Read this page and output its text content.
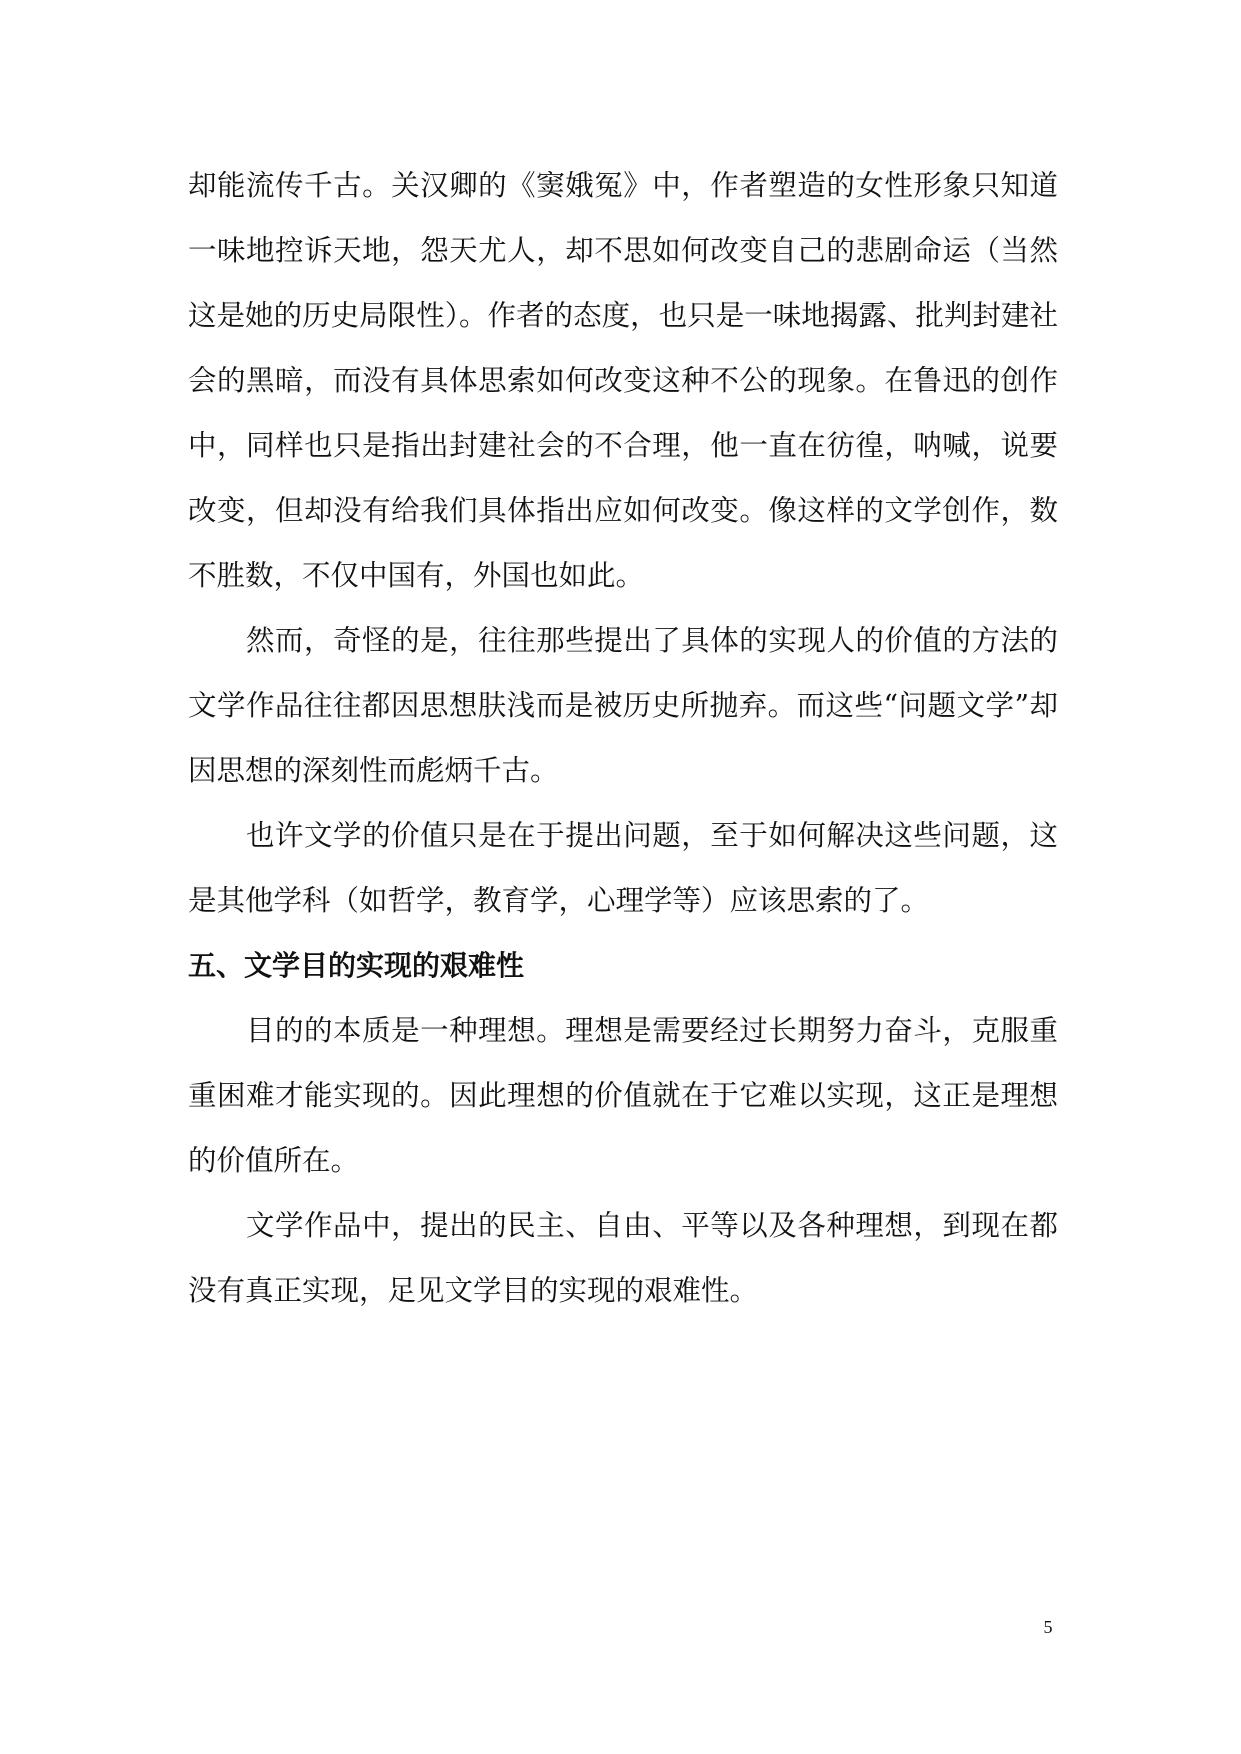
却能流传千古。关汉卿的《窦娥冤》中，作者塑造的女性形象只知道一味地控诉天地，怨天尤人，却不思如何改变自己的悲剧命运（当然这是她的历史局限性）。作者的态度，也只是一味地揭露、批判封建社会的黑暗，而没有具体思索如何改变这种不公的现象。在鲁迅的创作中，同样也只是指出封建社会的不合理，他一直在彷徨，呐喊，说要改变，但却没有给我们具体指出应如何改变。像这样的文学创作，数不胜数，不仅中国有，外国也如此。

然而，奇怪的是，往往那些提出了具体的实现人的价值的方法的文学作品往往都因思想肤浅而是被历史所抛弃。而这些“问题文学”却因思想的深刻性而彪炳千古。

也许文学的价值只是在于提出问题，至于如何解决这些问题，这是其他学科（如哲学，教育学，心理学等）应该思索的了。

五、文学目的实现的艰难性

目的的本质是一种理想。理想是需要经过长期努力奋斗，克服重重困难才能实现的。因此理想的价值就在于它难以实现，这正是理想的价值所在。

文学作品中，提出的民主、自由、平等以及各种理想，到现在都没有真正实现，足见文学目的实现的艰难性。

5
